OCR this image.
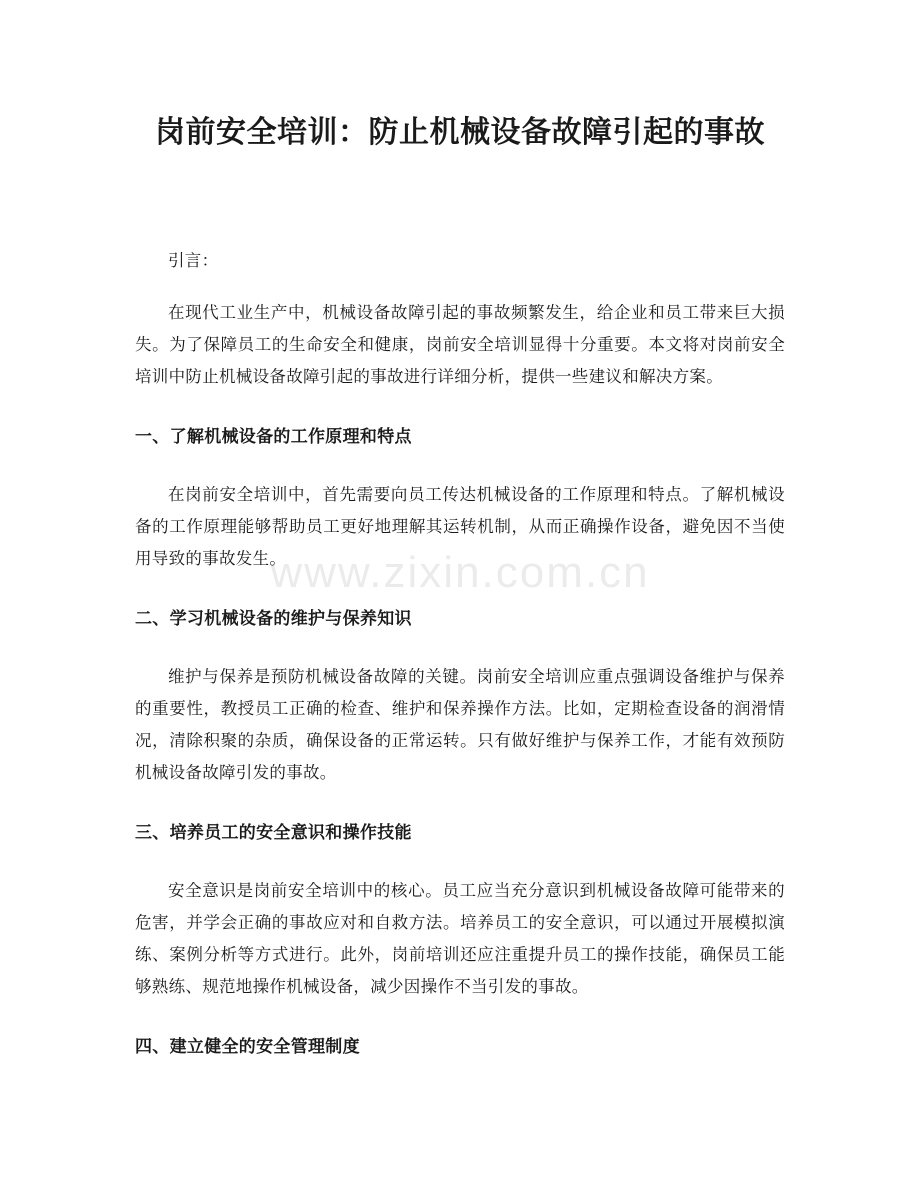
岗前安全培训：防止机械设备故障引起的事故

引言：

在现代工业生产中，机械设备故障引起的事故频繁发生，给企业和员工带来巨大损失。为了保障员工的生命安全和健康，岗前安全培训显得十分重要。本文将对岗前安全培训中防止机械设备故障引起的事故进行详细分析，提供一些建议和解决方案。

一、了解机械设备的工作原理和特点

在岗前安全培训中，首先需要向员工传达机械设备的工作原理和特点。了解机械设备的工作原理能够帮助员工更好地理解其运转机制，从而正确操作设备，避免因不当使用导致的事故发生。

二、学习机械设备的维护与保养知识

维护与保养是预防机械设备故障的关键。岗前安全培训应重点强调设备维护与保养的重要性，教授员工正确的检查、维护和保养操作方法。比如，定期检查设备的润滑情况，清除积聚的杂质，确保设备的正常运转。只有做好维护与保养工作，才能有效预防机械设备故障引发的事故。

三、培养员工的安全意识和操作技能

安全意识是岗前安全培训中的核心。员工应当充分意识到机械设备故障可能带来的危害，并学会正确的事故应对和自救方法。培养员工的安全意识，可以通过开展模拟演练、案例分析等方式进行。此外，岗前培训还应注重提升员工的操作技能，确保员工能够熟练、规范地操作机械设备，减少因操作不当引发的事故。

四、建立健全的安全管理制度
www.zixin.com.cn
